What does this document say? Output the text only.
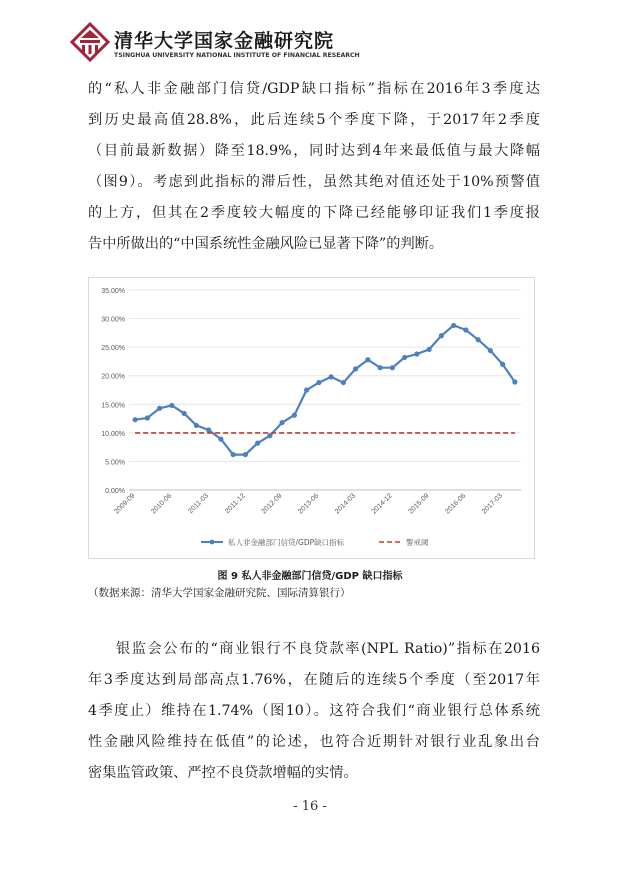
清华大学国家金融研究院
TSINGHUA UNIVERSITY NATIONAL INSTITUTE OF FINANCIAL RESEARCH
的“私人非金融部门信贷/GDP缺口指标”指标在2016年3季度达
到历史最高值28.8%，此后连续5个季度下降，于2017年2季度
（目前最新数据）降至18.9%，同时达到4年来最低值与最大降幅
（图9）。考虑到此指标的滞后性，虽然其绝对值还处于10%预警值
的上方，但其在2季度较大幅度的下降已经能够印证我们1季度报
告中所做出的“中国系统性金融风险已显著下降”的判断。
0.00%
5.00%
10.00%
15.00%
20.00%
25.00%
30.00%
35.00%
2009-09 2010-06 2011-03 2011-12 2012-09 2013-06 2014-03 2014-12 2015-09 2016-06 2017-03
私人非金融部门信贷/GDP缺口指标	警戒阈
图 9 私人非金融部门信贷/GDP 缺口指标
（数据来源：清华大学国家金融研究院、国际清算银行）
银监会公布的“商业银行不良贷款率(NPL Ratio)”指标在2016
年3季度达到局部高点1.76%，在随后的连续5个季度（至2017年
4季度止）维持在1.74%（图10）。这符合我们“商业银行总体系统
性金融风险维持在低值”的论述，也符合近期针对银行业乱象出台
密集监管政策、严控不良贷款增幅的实情。
- 16 -
